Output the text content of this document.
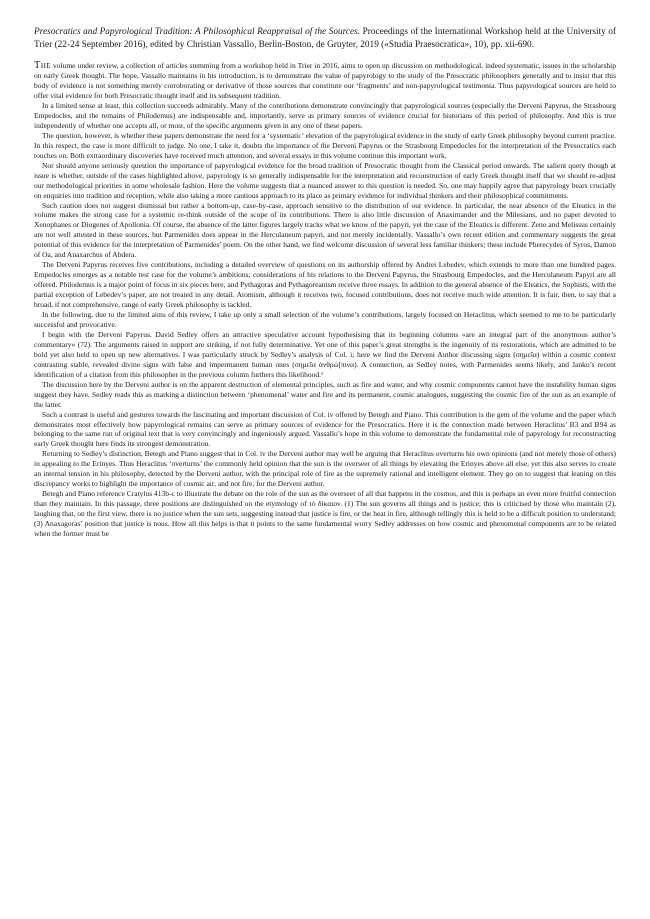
Presocratics and Papyrological Tradition: A Philosophical Reappraisal of the Sources. Proceedings of the International Workshop held at the University of Trier (22-24 September 2016), edited by Christian Vassallo, Berlin-Boston, de Gruyter, 2019 («Studia Praesocratica», 10), pp. xii-690.

The volume under review, a collection of articles stemming from a workshop held in Trier in 2016, aims to open up discussion on methodological, indeed systematic, issues in the scholarship on early Greek thought. The hope, Vassallo maintains in his introduction, is to demonstrate the value of papyrology to the study of the Presocratic philosophers generally and to insist that this body of evidence is not something merely corroborating or derivative of those sources that constitute our ‘fragments’ and non-papyrological testimonia. Thus papyrological sources are held to offer vital evidence for both Presocratic thought itself and its subsequent tradition.

In a limited sense at least, this collection succeeds admirably. Many of the contributions demonstrate convincingly that papyrological sources (especially the Derveni Papyrus, the Strasbourg Empedocles, and the remains of Philodemus) are indispensable and, importantly, serve as primary sources of evidence crucial for historians of this period of philosophy. And this is true independently of whether one accepts all, or most, of the specific arguments given in any one of these papers.

The question, however, is whether these papers demonstrate the need for a ‘systematic’ elevation of the papyrological evidence in the study of early Greek philosophy beyond current practice. In this respect, the case is more difficult to judge. No one, I take it, doubts the importance of the Derveni Papyrus or the Strasbourg Empedocles for the interpretation of the Presocratics each touches on. Both extraordinary discoveries have received much attention, and several essays in this volume continue this important work.

Nor should anyone seriously question the importance of papyrological evidence for the broad tradition of Presocratic thought from the Classical period onwards. The salient query though at issue is whether, outside of the cases highlighted above, papyrology is so generally indispensable for the interpretation and reconstruction of early Greek thought itself that we should re-adjust our methodological priorities in some wholesale fashion. Here the volume suggests that a nuanced answer to this question is needed. So, one may happily agree that papyrology bears crucially on enquiries into tradition and reception, while also taking a more cautious approach to its place as primary evidence for individual thinkers and their philosophical commitments.

Such caution does not suggest dismissal but rather a bottom-up, case-by-case, approach sensitive to the distribution of our evidence. In particular, the near absence of the Eleatics in the volume makes the strong case for a systemic re-think outside of the scope of its contributions. There is also little discussion of Anaximander and the Milesians, and no paper devoted to Xenophanes or Diogenes of Apollonia. Of course, the absence of the latter figures largely tracks what we know of the papyri, yet the case of the Eleatics is different. Zeno and Melissus certainly are not well attested in these sources, but Parmenides does appear in the Herculaneum papyri, and not merely incidentally. Vassallo’s own recent edition and commentary suggests the great potential of this evidence for the interpretation of Parmenides’ poem. On the other hand, we find welcome discussion of several less familiar thinkers; these include Pherecydes of Syros, Damon of Oa, and Anaxarchus of Abdera.

The Derveni Papyrus receives five contributions, including a detailed overview of questions on its authorship offered by Andrei Lebedev, which extends to more than one hundred pages. Empedocles emerges as a notable test case for the volume’s ambitions; considerations of his relations to the Derveni Papyrus, the Strasbourg Empedocles, and the Herculaneum Papyri are all offered. Philodemus is a major point of focus in six pieces here, and Pythagoras and Pythagoreanism receive three essays. In addition to the general absence of the Eleatics, the Sophists, with the partial exception of Lebedev’s paper, are not treated in any detail. Atomism, although it receives two, focused contributions, does not receive much wide attention. It is fair, then, to say that a broad, if not comprehensive, range of early Greek philosophy is tackled.

In the following, due to the limited aims of this review, I take up only a small selection of the volume’s contributions, largely focused on Heraclitus, which seemed to me to be particularly successful and provocative.

I begin with the Derveni Papyrus. David Sedley offers an attractive speculative account hypothesising that its beginning columns «are an integral part of the anonymous author’s commentary» (72). The arguments raised in support are striking, if not fully determinative. Yet one of this paper’s great strengths is the ingenuity of its restorations, which are admitted to be bold yet also held to open up new alternatives. I was particularly struck by Sedley’s analysis of Col. i; here we find the Derveni Author discussing signs (σημεῖα) within a cosmic context contrasting stable, revealed divine signs with false and impermanent human ones (σημεῖα ἀνθρώ[πινα). A connection, as Sedley notes, with Parmenides seems likely, and Janko’s recent identification of a citation from this philosopher in the previous column furthers this likelihood.¹

The discussion here by the Derveni author is on the apparent destruction of elemental principles, such as fire and water, and why cosmic components cannot have the instability human signs suggest they have. Sedley reads this as marking a distinction between ‘phenomenal’ water and fire and its permanent, cosmic analogues, suggesting the cosmic fire of the sun as an example of the latter.

Such a contrast is useful and gestures towards the fascinating and important discussion of Col. iv offered by Betegh and Piano. This contribution is the gem of the volume and the paper which demonstrates most effectively how papyrological remains can serve as primary sources of evidence for the Presocratics. Here it is the connection made between Heraclitus’ B3 and B94 as belonging to the same run of original text that is very convincingly and ingeniously argued. Vassallo’s hope in this volume to demonstrate the fundamental role of papyrology for reconstructing early Greek thought here finds its strongest demonstration.

Returning to Sedley’s distinction, Betegh and Piano suggest that in Col. iv the Derveni author may well be arguing that Heraclitus overturns his own opinions (and not merely those of others) in appealing to the Erinyes. Thus Heraclitus ‘overturns’ the commonly held opinion that the sun is the overseer of all things by elevating the Erinyes above all else, yet this also serves to create an internal tension in his philosophy, detected by the Derveni author, with the principal role of fire as the supremely rational and intelligent element. They go on to suggest that leaning on this discrepancy works to highlight the importance of cosmic air, and not fire, for the Derveni author.

Betegh and Piano reference Cratylus 413b-c to illustrate the debate on the role of the sun as the overseer of all that happens in the cosmos, and this is perhaps an even more fruitful connection than they maintain. In this passage, three positions are distinguished on the etymology of τὸ δίκαιον. (1) The sun governs all things and is justice; this is criticised by those who maintain (2), laughing that, on the first view, there is no justice when the sun sets, suggesting instead that justice is fire, or the heat in fire, although tellingly this is held to be a difficult position to understand; (3) Anaxagoras’ position that justice is nous. How all this helps is that it points to the same fundamental worry Sedley addresses on how cosmic and phenomenal components are to be related when the former must be
